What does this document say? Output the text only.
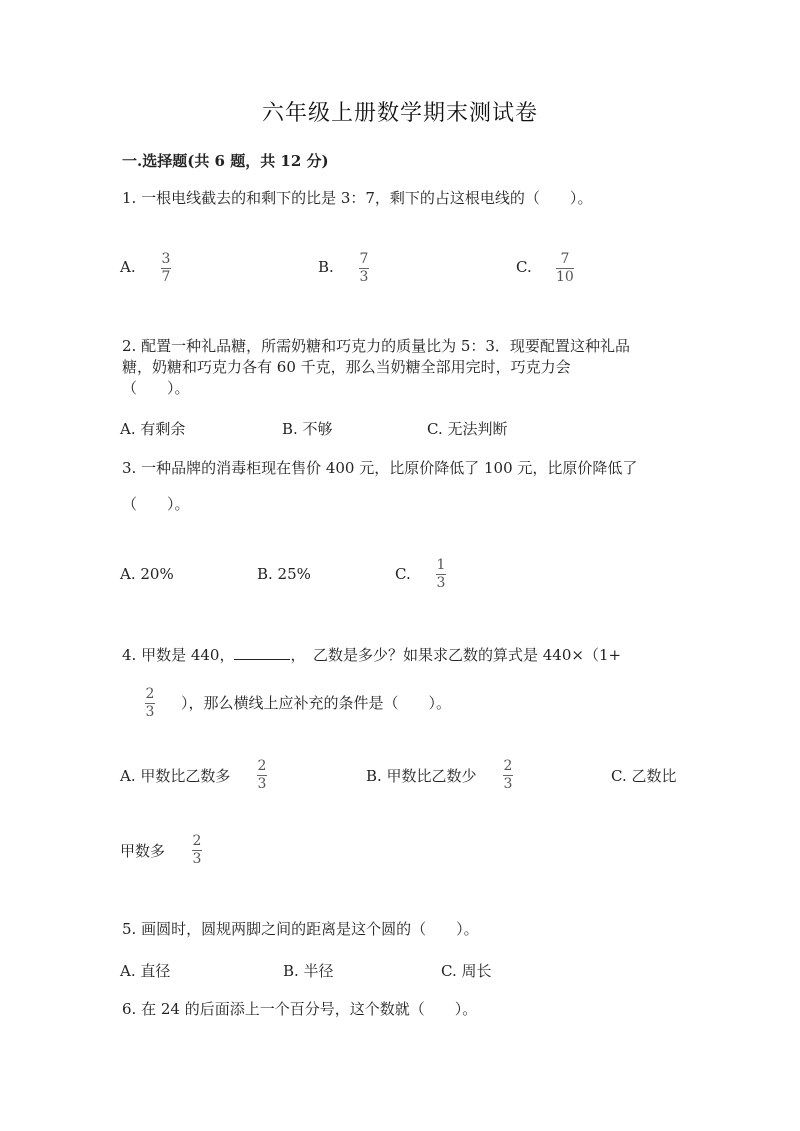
六年级上册数学期末测试卷
一.选择题(共 6 题，共 12 分)
1. 一根电线截去的和剩下的比是 3：7，剩下的占这根电线的（　　）。
A. 3
7
B. 7
3
C. 7
10
2. 配置一种礼品糖，所需奶糖和巧克力的质量比为 5：3．现要配置这种礼品
糖，奶糖和巧克力各有 60 千克，那么当奶糖全部用完时，巧克力会
（　　）。
A. 有剩余	B. 不够	C. 无法判断
3. 一种品牌的消毒柜现在售价 400 元，比原价降低了 100 元，比原价降低了
（　　）。
A. 20%	B. 25%	C. 1
3
4. 甲数是 440，	，　乙数是多少？如果求乙数的算式是 440×（1+
2
3 ），那么横线上应补充的条件是（　　）。
A. 甲数比乙数多
2
3	B. 甲数比乙数少
2
3	C. 乙数比
甲数多
2
3
5. 画圆时，圆规两脚之间的距离是这个圆的（　　）。
A. 直径	B. 半径	C. 周长
6. 在 24 的后面添上一个百分号，这个数就（　　）。
